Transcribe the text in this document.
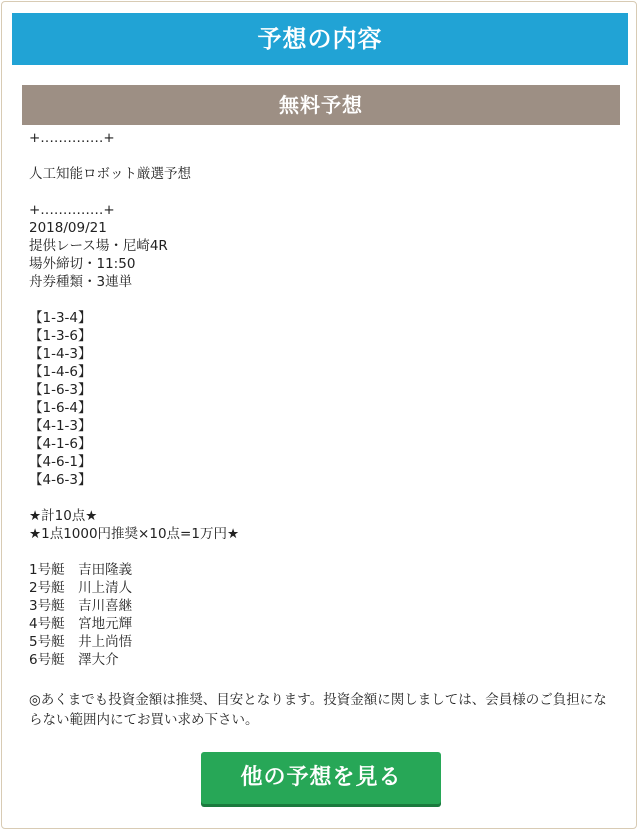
予想の内容
無料予想
+‥‥‥‥‥‥‥+
人工知能ロボット厳選予想
+‥‥‥‥‥‥‥+
2018/09/21
提供レース場・尼崎4R
場外締切・11:50
舟券種類・3連単
【1-3-4】
【1-3-6】
【1-4-3】
【1-4-6】
【1-6-3】
【1-6-4】
【4-1-3】
【4-1-6】
【4-6-1】
【4-6-3】
★計10点★
★1点1000円推奨×10点=1万円★
1号艇　吉田隆義
2号艇　川上清人
3号艇　吉川喜継
4号艇　宮地元輝
5号艇　井上尚悟
6号艇　澤大介
◎あくまでも投資金額は推奨、目安となります。投資金額に関しましては、会員様のご負担にならない範囲内にてお買い求め下さい。
他の予想を見る
